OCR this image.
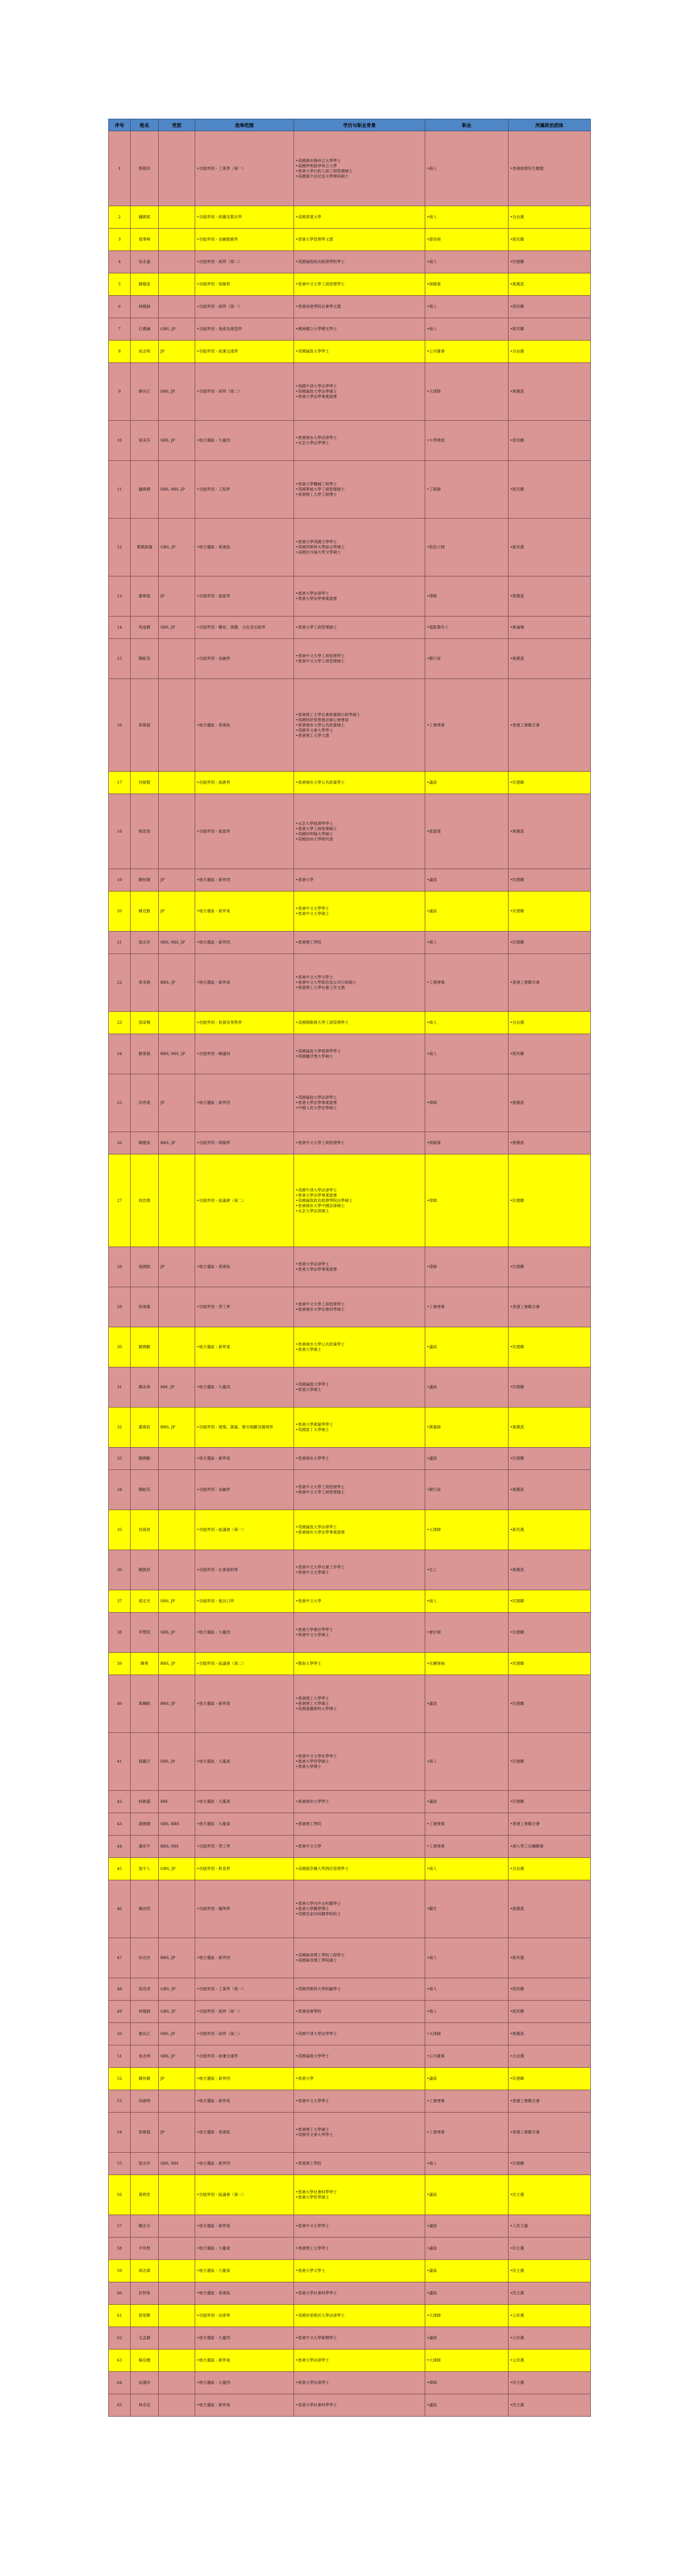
序号	姓名	党派	选举范围	学历与职业背景	职业	所属政治团体
1	蔡德昌		•功能界别 - 工業界（第一）	•美國俄亥俄州立大學學士
•美國伊利諾伊州立大學
•香港大學行政人員工商管理碩士
•美國賓夕法尼亞大學理科碩士	•商人	•香港經濟民生聯盟

2	鍾國斌		•功能界別 - 紡織及製衣界	•美國普渡大學	•商人	•自由黨

3	張華峰		•功能界別 - 金融服務界	•香港大學管理學文憑	•證券商	•經民聯

4	吳永嘉		•功能界別 - 商界（第二）	•英國倫敦政治經濟學院學士	•商人	•民建聯

5	陳健波		•功能界別 - 保險界	•香港中文大學工商管理學士	•保險業	•無黨派

6	林健鋒		•功能界別 - 商界（第一）	•香港浸會學院社會學文憑	•商人	•經民聯

7	石禮謙	GBS, JP	•功能界別 - 地產及建造界	•澳洲國立大學歷史學士	•商人	•經民聯

8	易志明	JP	•功能界別 - 航運交通界	•英國倫敦大學學士	•公司董事	•自由黨

9	廖長江	SBS, JP	•功能界別 - 商界（第二）	•英國牛津大學法學學士
•英國倫敦大學法學碩士
•香港大學法學專業證書	•大律師	•無黨派

10	梁美芬	SBS, JP	•地方選區 - 九龍西	•香港城市大學法律學士
•北京大學法學博士	•大學教授	•經民聯

11	盧偉國	SBS, MH, JP	•功能界別 - 工程界	•香港大學機械工程學士
•英國華威大學工商管理碩士
•香港理工大學工程博士	•工程師	•經民聯

12	葉劉淑儀	GBS, JP	•地方選區 - 香港島	•香港大學英國文學學士
•英國列斯特大學語言學碩士
•美國史丹福大學文學碩士	•政治人物	•新民黨

13	謝偉俊	JP	•功能界別 - 旅遊界	•香港大學法律學士
•香港大學法學專業證書	•律師	•無黨派

14	馬逢國	SBS, JP	•功能界別 - 體育、演藝、文化及出版界	•香港大學工商管理碩士	•電影製作人	•新論壇

15	陳振英		•功能界別 - 金融界	•香港中文大學工商管理學士
•香港中文大學工商管理碩士	•銀行家	•無黨派

16	郭偉强		•地方選區 - 香港島	•香港理工大學社會政策與行政學碩士
•英國特許管理會計師公會會員
•香港城市大學公共政策碩士
•英國考文垂大學學士
•香港理工大學文憑	•工會理事	•香港工會聯合會

17	何俊賢		•功能界別 - 漁農界	•香港城市大學公共政策學士	•議員	•民建聯

18	姚思榮		•功能界別 - 旅遊界	•北京大學經濟學學士
•香港大學工商管理碩士
•英國伯明翰大學碩士
•美國加州大學研究員	•旅遊業	•無黨派

19	陳恒鑌	JP	•地方選區 - 新界西	•香港大學	•議員	•民建聯

20	陳克勤	JP	•地方選區 - 新界東	•香港中文大學學士
•香港中文大學碩士	•議員	•民建聯

21	梁志祥	SBS, MH, JP	•地方選區 - 新界西	•香港理工學院	•商人	•民建聯

22	麥美娟	BBS, JP	•地方選區 - 新界東	•香港中文大學文學士
•香港中文大學政治及公共行政碩士
•香港理工大學社會工作文憑	•工會理事	•香港工會聯合會

23	邵家輝		•功能界別 - 批發及零售界	•美國俄勒岡大學工商管理學士	•商人	•自由黨

24	劉業強	BBS, MH, JP	•功能界別 - 鄉議局	•英國倫敦大學經濟學學士
•英國羅浮堡大學碩士	•商人	•經民聯

25	何君堯	JP	•地方選區 - 新界西	•英國倫敦大學法律學士
•香港大學法學專業證書
•中國人民大學法學碩士	•律師	•無黨派

26	陳健波	BBS, JP	•功能界別 - 保險界	•香港中文大學工商管理學士	•保險業	•無黨派

27	周浩鼎		•功能界別 - 區議會（第二）	•英國牛津大學法律學士
•香港大學法學專業證書
•英國倫敦政治經濟學院法學碩士
•香港城市大學中國法律碩士
•北京大學法律碩士	•律師	•民建聯

28	張國鈞	JP	•地方選區 - 香港島	•香港大學法律學士
•香港大學法學專業證書	•律師	•民建聯

29	陸頌雄		•功能界別 - 勞工界	•香港中文大學工商管理學士
•香港城市大學社會科學碩士	•工會理事	•香港工會聯合會

30	劉國勳		•地方選區 - 新界東	•香港城市大學公共政策學士
•香港大學碩士	•議員	•民建聯

31	鄭泳舜	MH, JP	•地方選區 - 九龍西	•英國倫敦大學學士
•香港大學碩士	•議員	•民建聯

32	謝偉銓	BBS, JP	•功能界別 - 建築、測量、都市規劃及園境界	•香港大學測量學學士
•英國雷丁大學碩士	•測量師	•無黨派

33	劉國勳		•地方選區 - 新界東	•香港城市大學學士	•議員	•民建聯

34	陳振英		•功能界別 - 金融界	•香港中文大學工商管理學士
•香港中文大學工商管理碩士	•銀行家	•無黨派

35	容海恩		•功能界別 - 區議會（第一）	•英國倫敦大學法律學士
•香港城市大學法學專業證書	•大律師	•新民黨

36	陳凱欣		•功能界別 - 社會福利界	•香港中文大學社會工作學士
•香港中文大學碩士	•社工	•無黨派

37	黃定光	SBS, JP	•功能界別 - 進出口界	•香港中文大學	•商人	•民建聯

38	李慧琼	SBS, JP	•地方選區 - 九龍西	•香港大學會計學學士
•香港中文大學碩士	•會計師	•民建聯

39	陳勇	BBS, JP	•功能界別 - 區議會（第二）	•暨南大學學士	•社團領袖	•民建聯

40	葛珮帆	BBS, JP	•地方選區 - 新界東	•香港理工大學學士
•香港理工大學碩士
•英國曼徹斯特大學博士	•議員	•民建聯

41	蔣麗芸	SBS, JP	•地方選區 - 九龍東	•香港中文大學化學學士
•香港大學哲學碩士
•香港大學博士	•商人	•民建聯

42	柯創盛	MH	•地方選區 - 九龍東	•香港城市大學學士	•議員	•民建聯

43	黃國健	SBS, BBS	•地方選區 - 九龍東	•香港理工學院	•工會理事	•香港工會聯合會

44	潘兆平	BBS, MH	•功能界別 - 勞工界	•香港中文大學	•工會理事	•港九勞工社團聯會

45	張宇人	GBS, JP	•功能界別 - 飲食界	•美國康奈爾大學酒店管理學士	•商人	•自由黨

46	陳沛然		•功能界別 - 醫學界	•香港大學內外全科醫學士
•香港大學醫學博士
•英國皇家內科醫學院院士	•醫生	•無黨派

47	田北辰	BBS, JP	•地方選區 - 新界西	•美國麻省理工學院工程學士
•美國麻省理工學院碩士	•商人	•新民黨

48	梁君彥	GBS, JP	•功能界別 - 工業界（第一）	•英國列斯特大學紡織學士	•商人	•經民聯

49	林健鋒	GBS, JP	•功能界別 - 商界（第一）	•香港浸會學院	•商人	•經民聯

50	廖長江	SBS, JP	•功能界別 - 商界（第二）	•英國牛津大學法學學士	•大律師	•無黨派

51	易志明	SBS, JP	•功能界別 - 航運交通界	•英國倫敦大學學士	•公司董事	•自由黨

52	陳恒鑌	JP	•地方選區 - 新界西	•香港大學	•議員	•民建聯

53	何啟明		•地方選區 - 新界東	•香港中文大學學士	•工會理事	•香港工會聯合會

54	郭偉强	JP	•地方選區 - 香港島	•香港理工大學碩士
•英國考文垂大學學士	•工會理事	•香港工會聯合會

55	梁志祥	SBS, MH	•地方選區 - 新界西	•香港理工學院	•商人	•民建聯

56	黃碧雲		•功能界別 - 區議會（第二）	•香港大學社會科學學士
•香港大學哲學碩士	•議員	•民主黨

57	陳志全		•地方選區 - 新界東	•香港中文大學學士	•議員	•人民力量

58	尹兆堅		•地方選區 - 九龍東	•香港理工大學學士	•議員	•民主黨

59	胡志偉		•地方選區 - 九龍東	•香港大學文學士	•議員	•民主黨

60	許智峯		•地方選區 - 香港島	•香港大學社會科學學士	•議員	•民主黨

61	郭榮鏗		•功能界別 - 法律界	•英國布里斯托大學法律學士	•大律師	•公民黨

62	毛孟靜		•地方選區 - 九龍西	•香港中文大學新聞學士	•議員	•公民黨

63	楊岳橋		•地方選區 - 新界東	•香港大學法律學士	•大律師	•公民黨

64	涂謹申		•地方選區 - 九龍西	•香港大學法律學士	•律師	•民主黨

65	林卓廷		•地方選區 - 新界東	•香港大學社會科學學士	•議員	•民主黨
